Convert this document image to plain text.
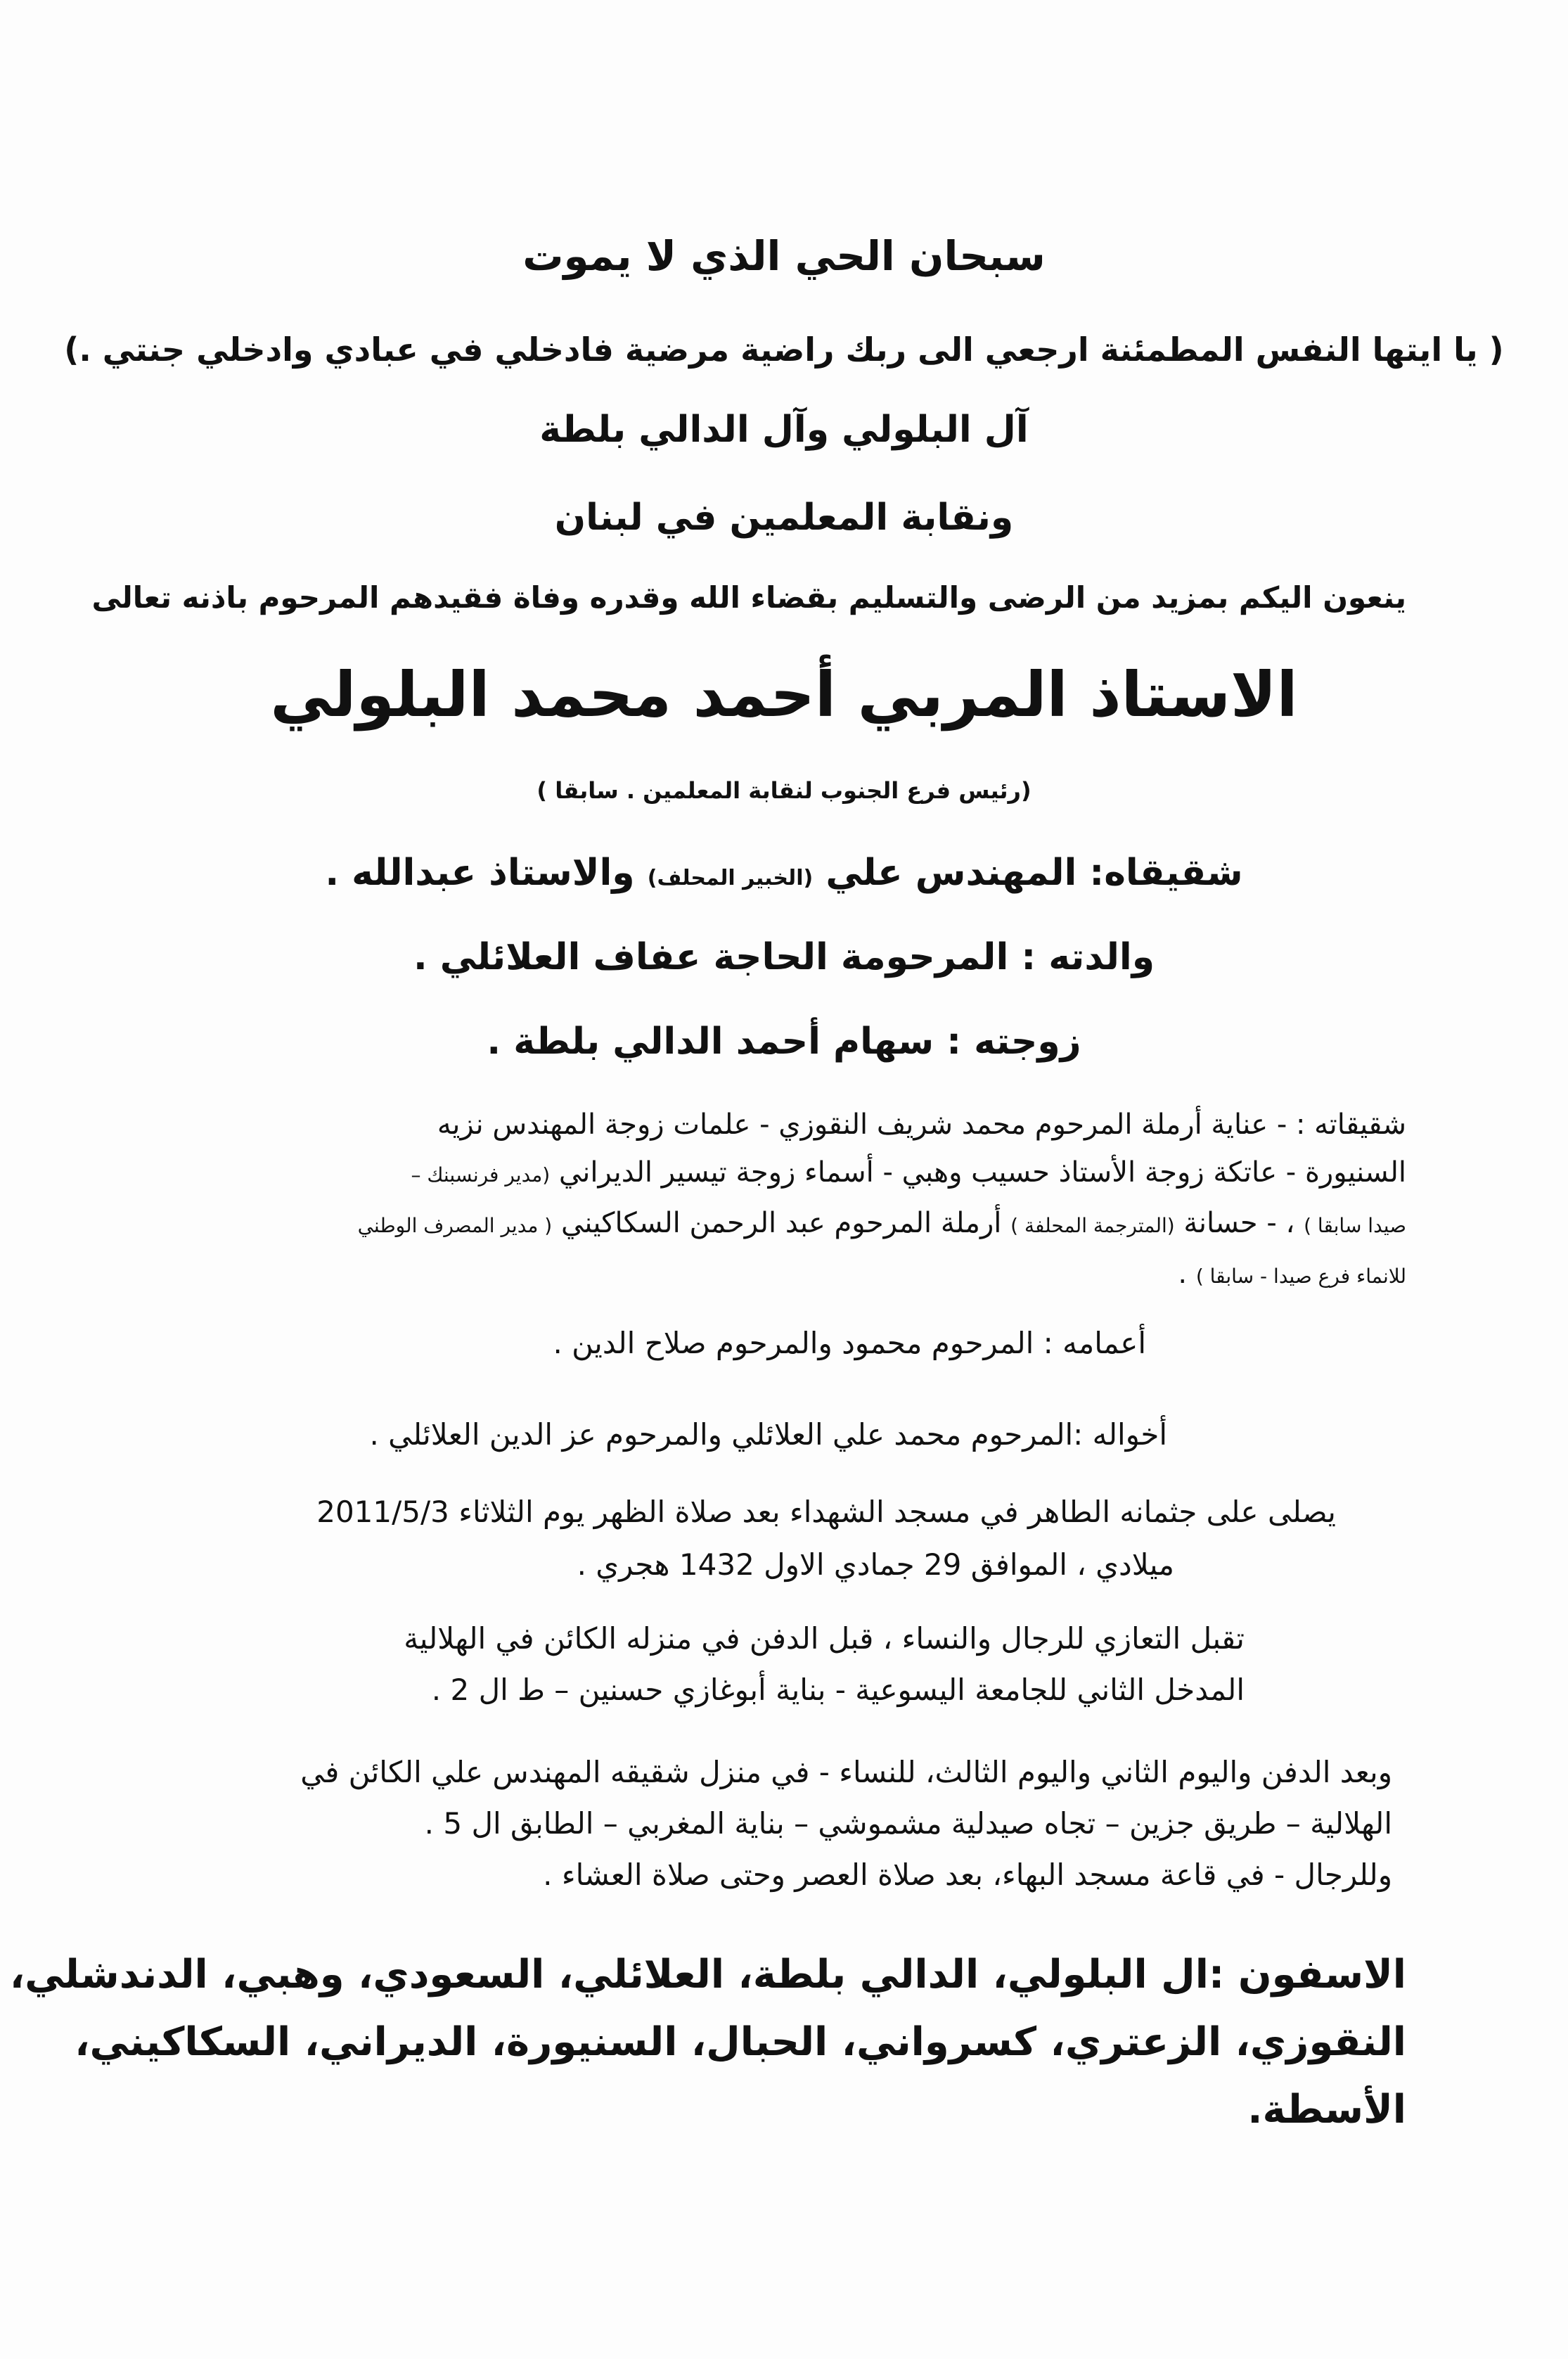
سبحان الحي الذي لا يموت
( يا ايتها النفس المطمئنة ارجعي الى ربك راضية مرضية فادخلي في عبادي وادخلي جنتي .)
آل البلولي وآل الدالي بلطة
ونقابة المعلمين في لبنان
ينعون اليكم بمزيد من الرضى والتسليم بقضاء الله وقدره وفاة فقيدهم المرحوم باذنه تعالى
الاستاذ المربي أحمد محمد البلولي
(رئيس فرع الجنوب لنقابة المعلمين . سابقا )
شقيقاه: المهندس علي (الخبير المحلف) والاستاذ عبدالله .
والدته : المرحومة الحاجة عفاف العلائلي .
زوجته : سهام أحمد الدالي بلطة .
شقيقاته : - عناية أرملة المرحوم محمد شريف النقوزي - علمات زوجة المهندس نزيه
السنيورة - عاتكة زوجة الأستاذ حسيب وهبي - أسماء زوجة تيسير الديراني (مدير فرنسبنك –
صيدا سابقا ) ، - حسانة (المترجمة المحلفة ) أرملة المرحوم عبد الرحمن السكاكيني ( مدير المصرف الوطني
للانماء فرع صيدا - سابقا ) .
أعمامه : المرحوم محمود والمرحوم صلاح الدين .
أخواله :المرحوم محمد علي العلائلي والمرحوم عز الدين العلائلي .
يصلى على جثمانه الطاهر في مسجد الشهداء بعد صلاة الظهر يوم الثلاثاء 2011/5/3
ميلادي ، الموافق 29 جمادي الاول 1432 هجري .
تقبل التعازي للرجال والنساء ، قبل الدفن في منزله الكائن في الهلالية
المدخل الثاني للجامعة اليسوعية - بناية أبوغازي حسنين – ط ال 2 .
وبعد الدفن واليوم الثاني واليوم الثالث، للنساء - في منزل شقيقه المهندس علي الكائن في
الهلالية – طريق جزين – تجاه صيدلية مشموشي – بناية المغربي – الطابق ال 5 .
وللرجال - في قاعة مسجد البهاء، بعد صلاة العصر وحتى صلاة العشاء .
الاسفون :ال البلولي، الدالي بلطة، العلائلي، السعودي، وهبي، الدندشلي،
النقوزي، الزعتري، كسرواني، الحبال، السنيورة، الديراني، السكاكيني،
الأسطة.
